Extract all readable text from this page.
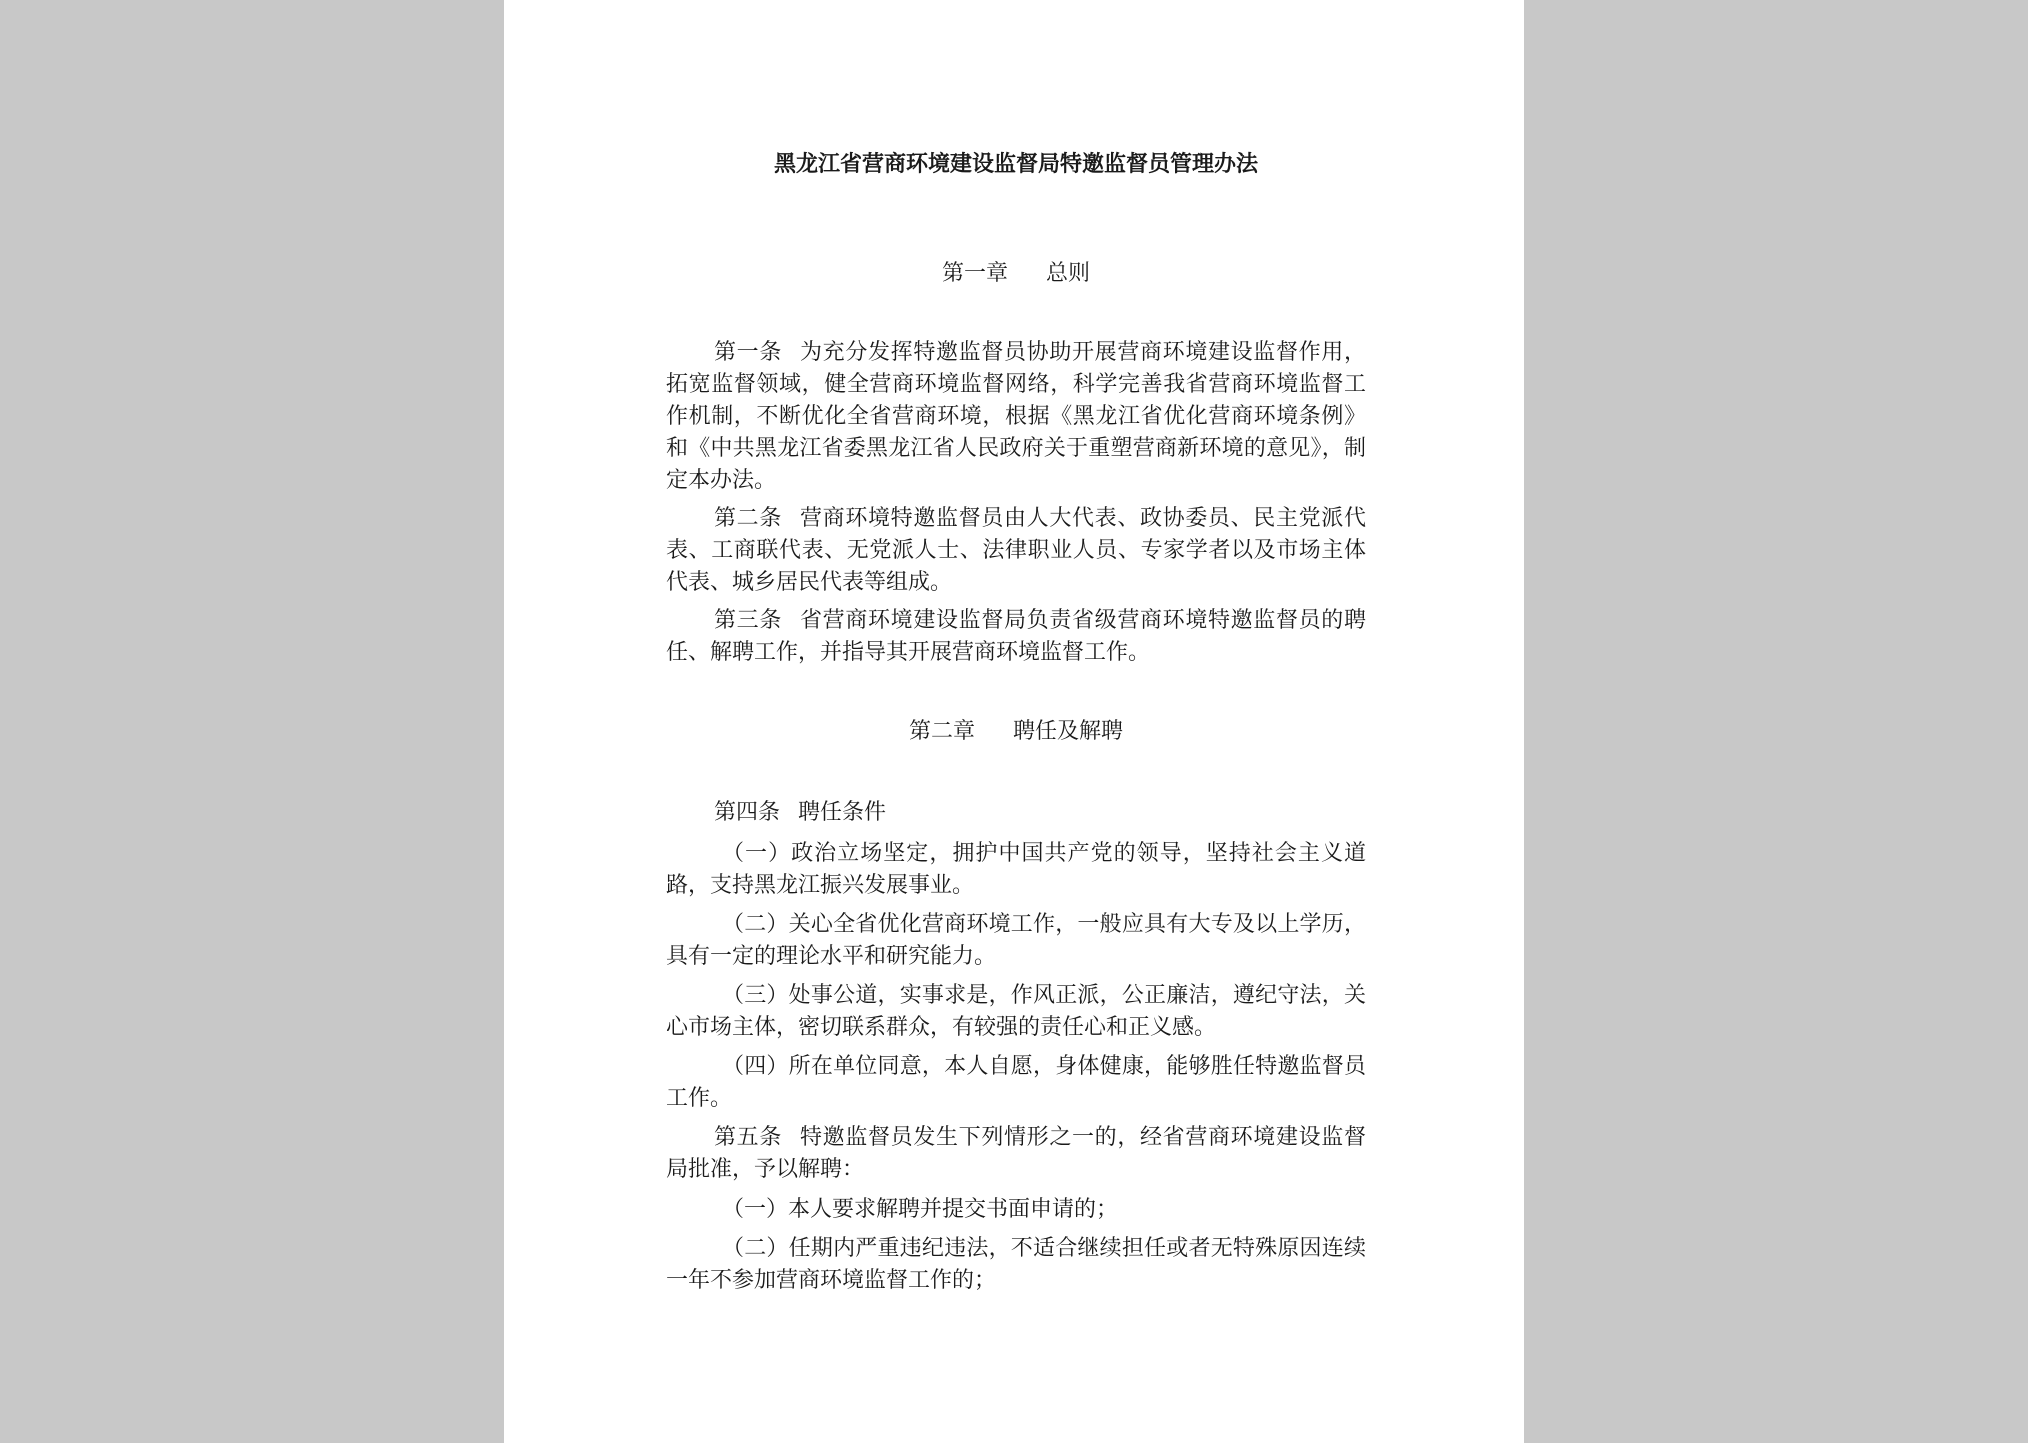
黑龙江省营商环境建设监督局特邀监督员管理办法
第一章 总则

第一条 为充分发挥特邀监督员协助开展营商环境建设监督作用，拓宽监督领域，健全营商环境监督网络，科学完善我省营商环境监督工作机制，不断优化全省营商环境，根据《黑龙江省优化营商环境条例》和《中共黑龙江省委黑龙江省人民政府关于重塑营商新环境的意见》，制定本办法。

第二条 营商环境特邀监督员由人大代表、政协委员、民主党派代表、工商联代表、无党派人士、法律职业人员、专家学者以及市场主体代表、城乡居民代表等组成。

第三条 省营商环境建设监督局负责省级营商环境特邀监督员的聘任、解聘工作，并指导其开展营商环境监督工作。

第二章 聘任及解聘

第四条 聘任条件

（一）政治立场坚定，拥护中国共产党的领导，坚持社会主义道路，支持黑龙江振兴发展事业。

（二）关心全省优化营商环境工作，一般应具有大专及以上学历，具有一定的理论水平和研究能力。

（三）处事公道，实事求是，作风正派，公正廉洁，遵纪守法，关心市场主体，密切联系群众，有较强的责任心和正义感。

（四）所在单位同意，本人自愿，身体健康，能够胜任特邀监督员工作。

第五条 特邀监督员发生下列情形之一的，经省营商环境建设监督局批准，予以解聘：

（一）本人要求解聘并提交书面申请的；

（二）任期内严重违纪违法，不适合继续担任或者无特殊原因连续一年不参加营商环境监督工作的；
